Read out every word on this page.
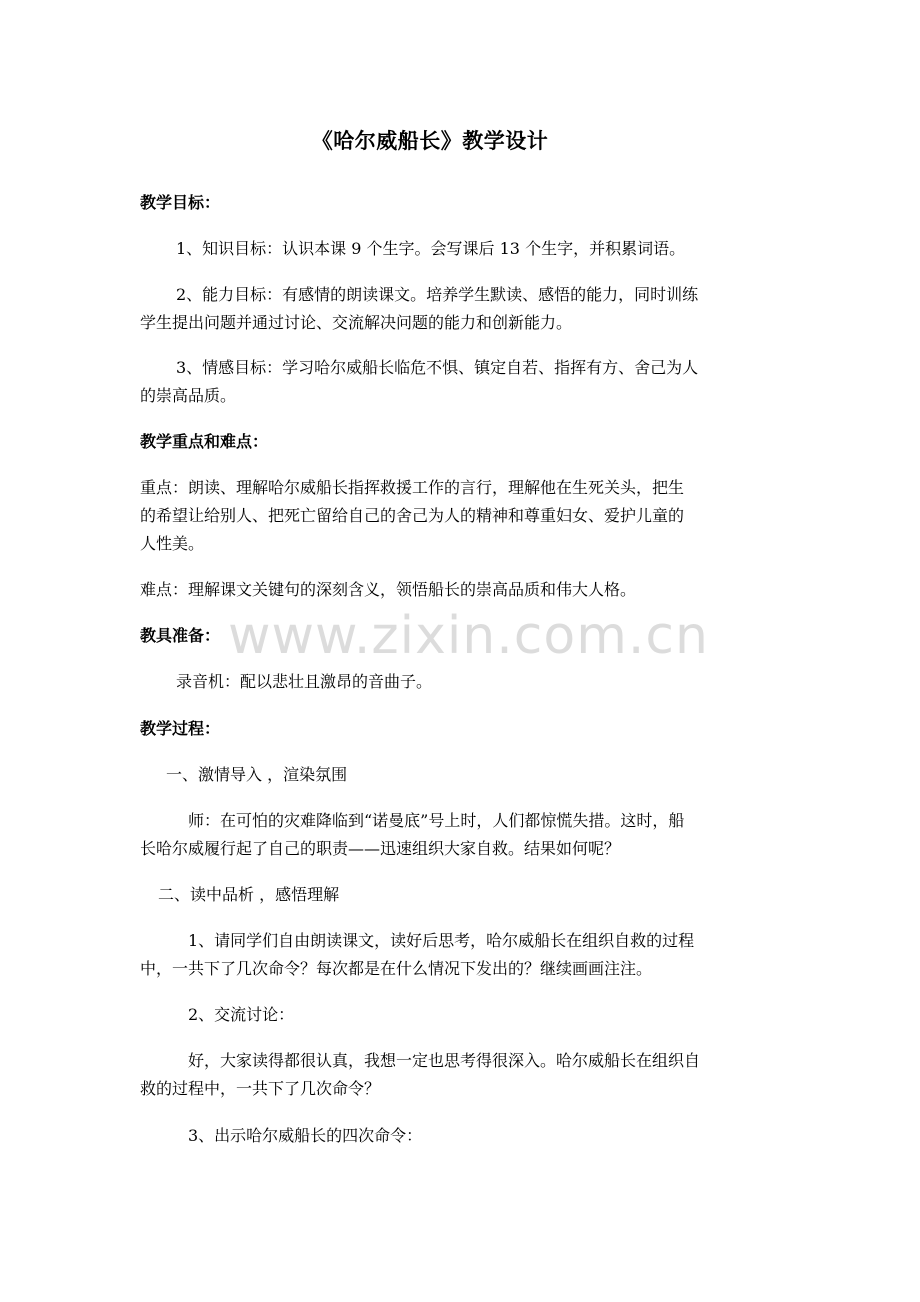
www.zixin.com.cn
《哈尔威船长》教学设计
教学目标：
1、知识目标：认识本课 9 个生字。会写课后 13 个生字，并积累词语。
2、能力目标：有感情的朗读课文。培养学生默读、感悟的能力，同时训练
学生提出问题并通过讨论、交流解决问题的能力和创新能力。
3、情感目标：学习哈尔威船长临危不惧、镇定自若、指挥有方、舍己为人
的崇高品质。
教学重点和难点：
重点：朗读、理解哈尔威船长指挥救援工作的言行，理解他在生死关头，把生
的希望让给别人、把死亡留给自己的舍己为人的精神和尊重妇女、爱护儿童的
人性美。
难点：理解课文关键句的深刻含义，领悟船长的崇高品质和伟大人格。
教具准备：
录音机：配以悲壮且激昂的音曲子。
教学过程：
一、激情导入 ，渲染氛围
师：在可怕的灾难降临到“诺曼底”号上时，人们都惊慌失措。这时，船
长哈尔威履行起了自己的职责——迅速组织大家自救。结果如何呢？
二、读中品析 ，感悟理解
1、请同学们自由朗读课文，读好后思考，哈尔威船长在组织自救的过程
中，一共下了几次命令？每次都是在什么情况下发出的？继续画画注注。
2、交流讨论：
好，大家读得都很认真，我想一定也思考得很深入。哈尔威船长在组织自
救的过程中，一共下了几次命令？
3、出示哈尔威船长的四次命令：
